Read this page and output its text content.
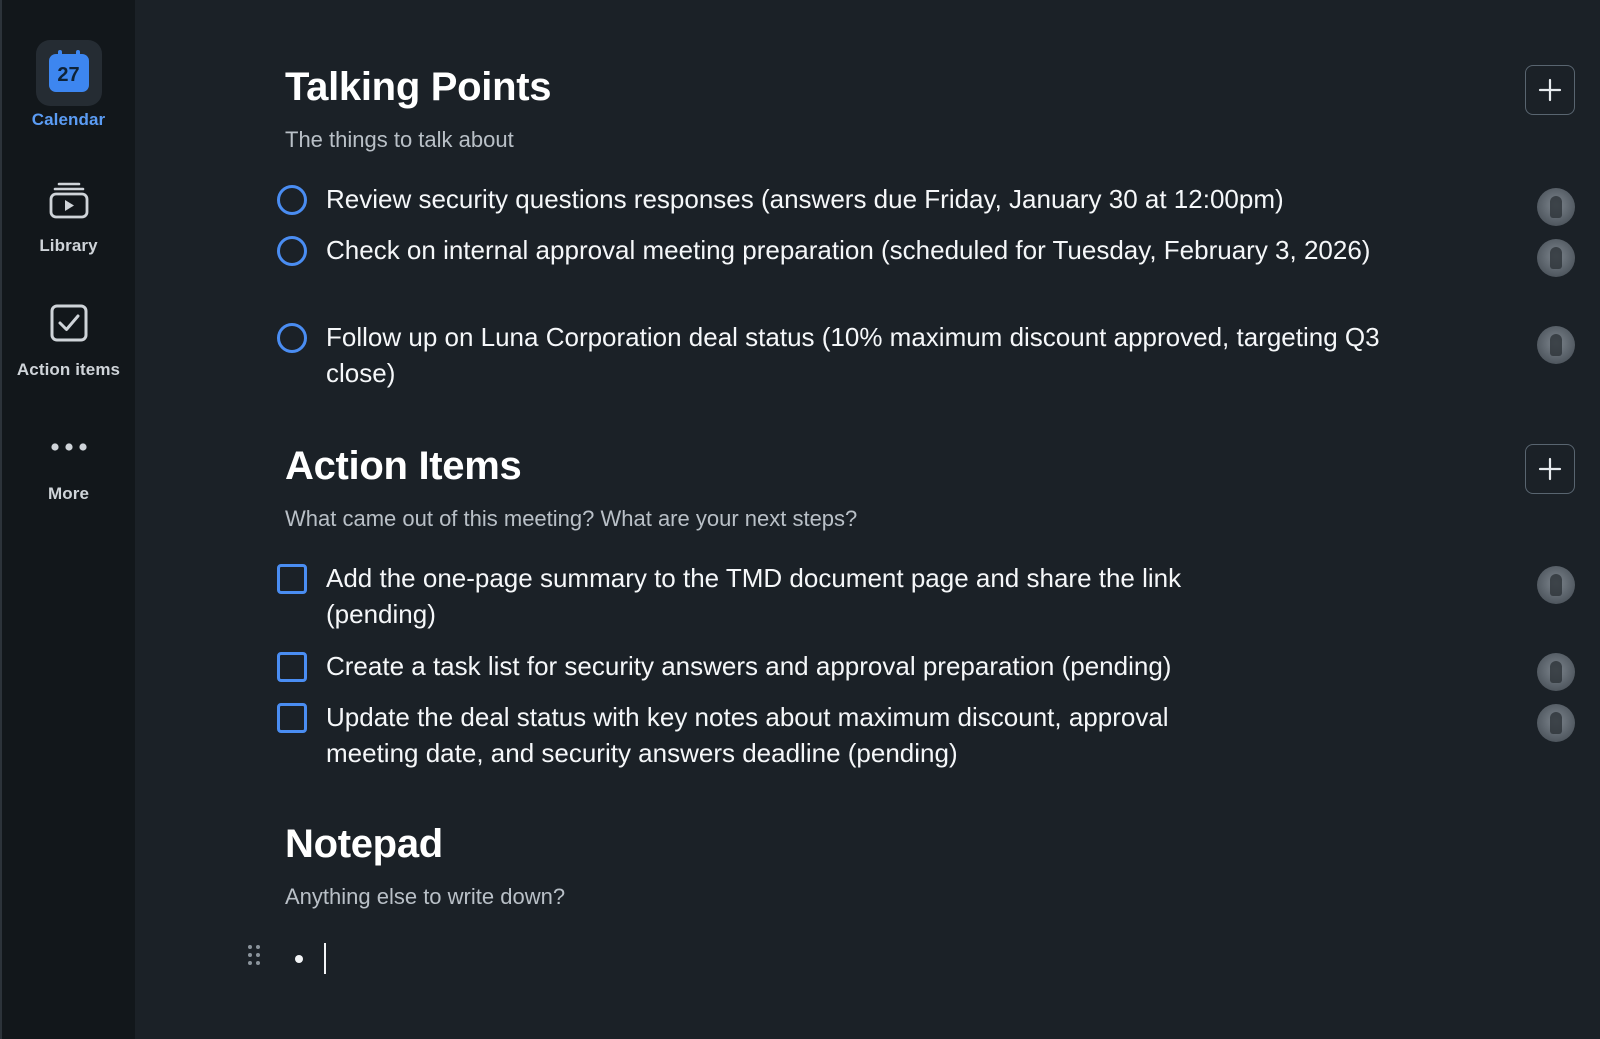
27
Calendar
Library
Action items
More
Talking Points
The things to talk about
Review security questions responses (answers due Friday, January 30 at 12:00pm)
Check on internal approval meeting preparation (scheduled for Tuesday, February 3, 2026)
Follow up on Luna Corporation deal status (10% maximum discount approved, targeting Q3 close)
Action Items
What came out of this meeting? What are your next steps?
Add the one-page summary to the TMD document page and share the link (pending)
Create a task list for security answers and approval preparation (pending)
Update the deal status with key notes about maximum discount, approval meeting date, and security answers deadline (pending)
Notepad
Anything else to write down?
